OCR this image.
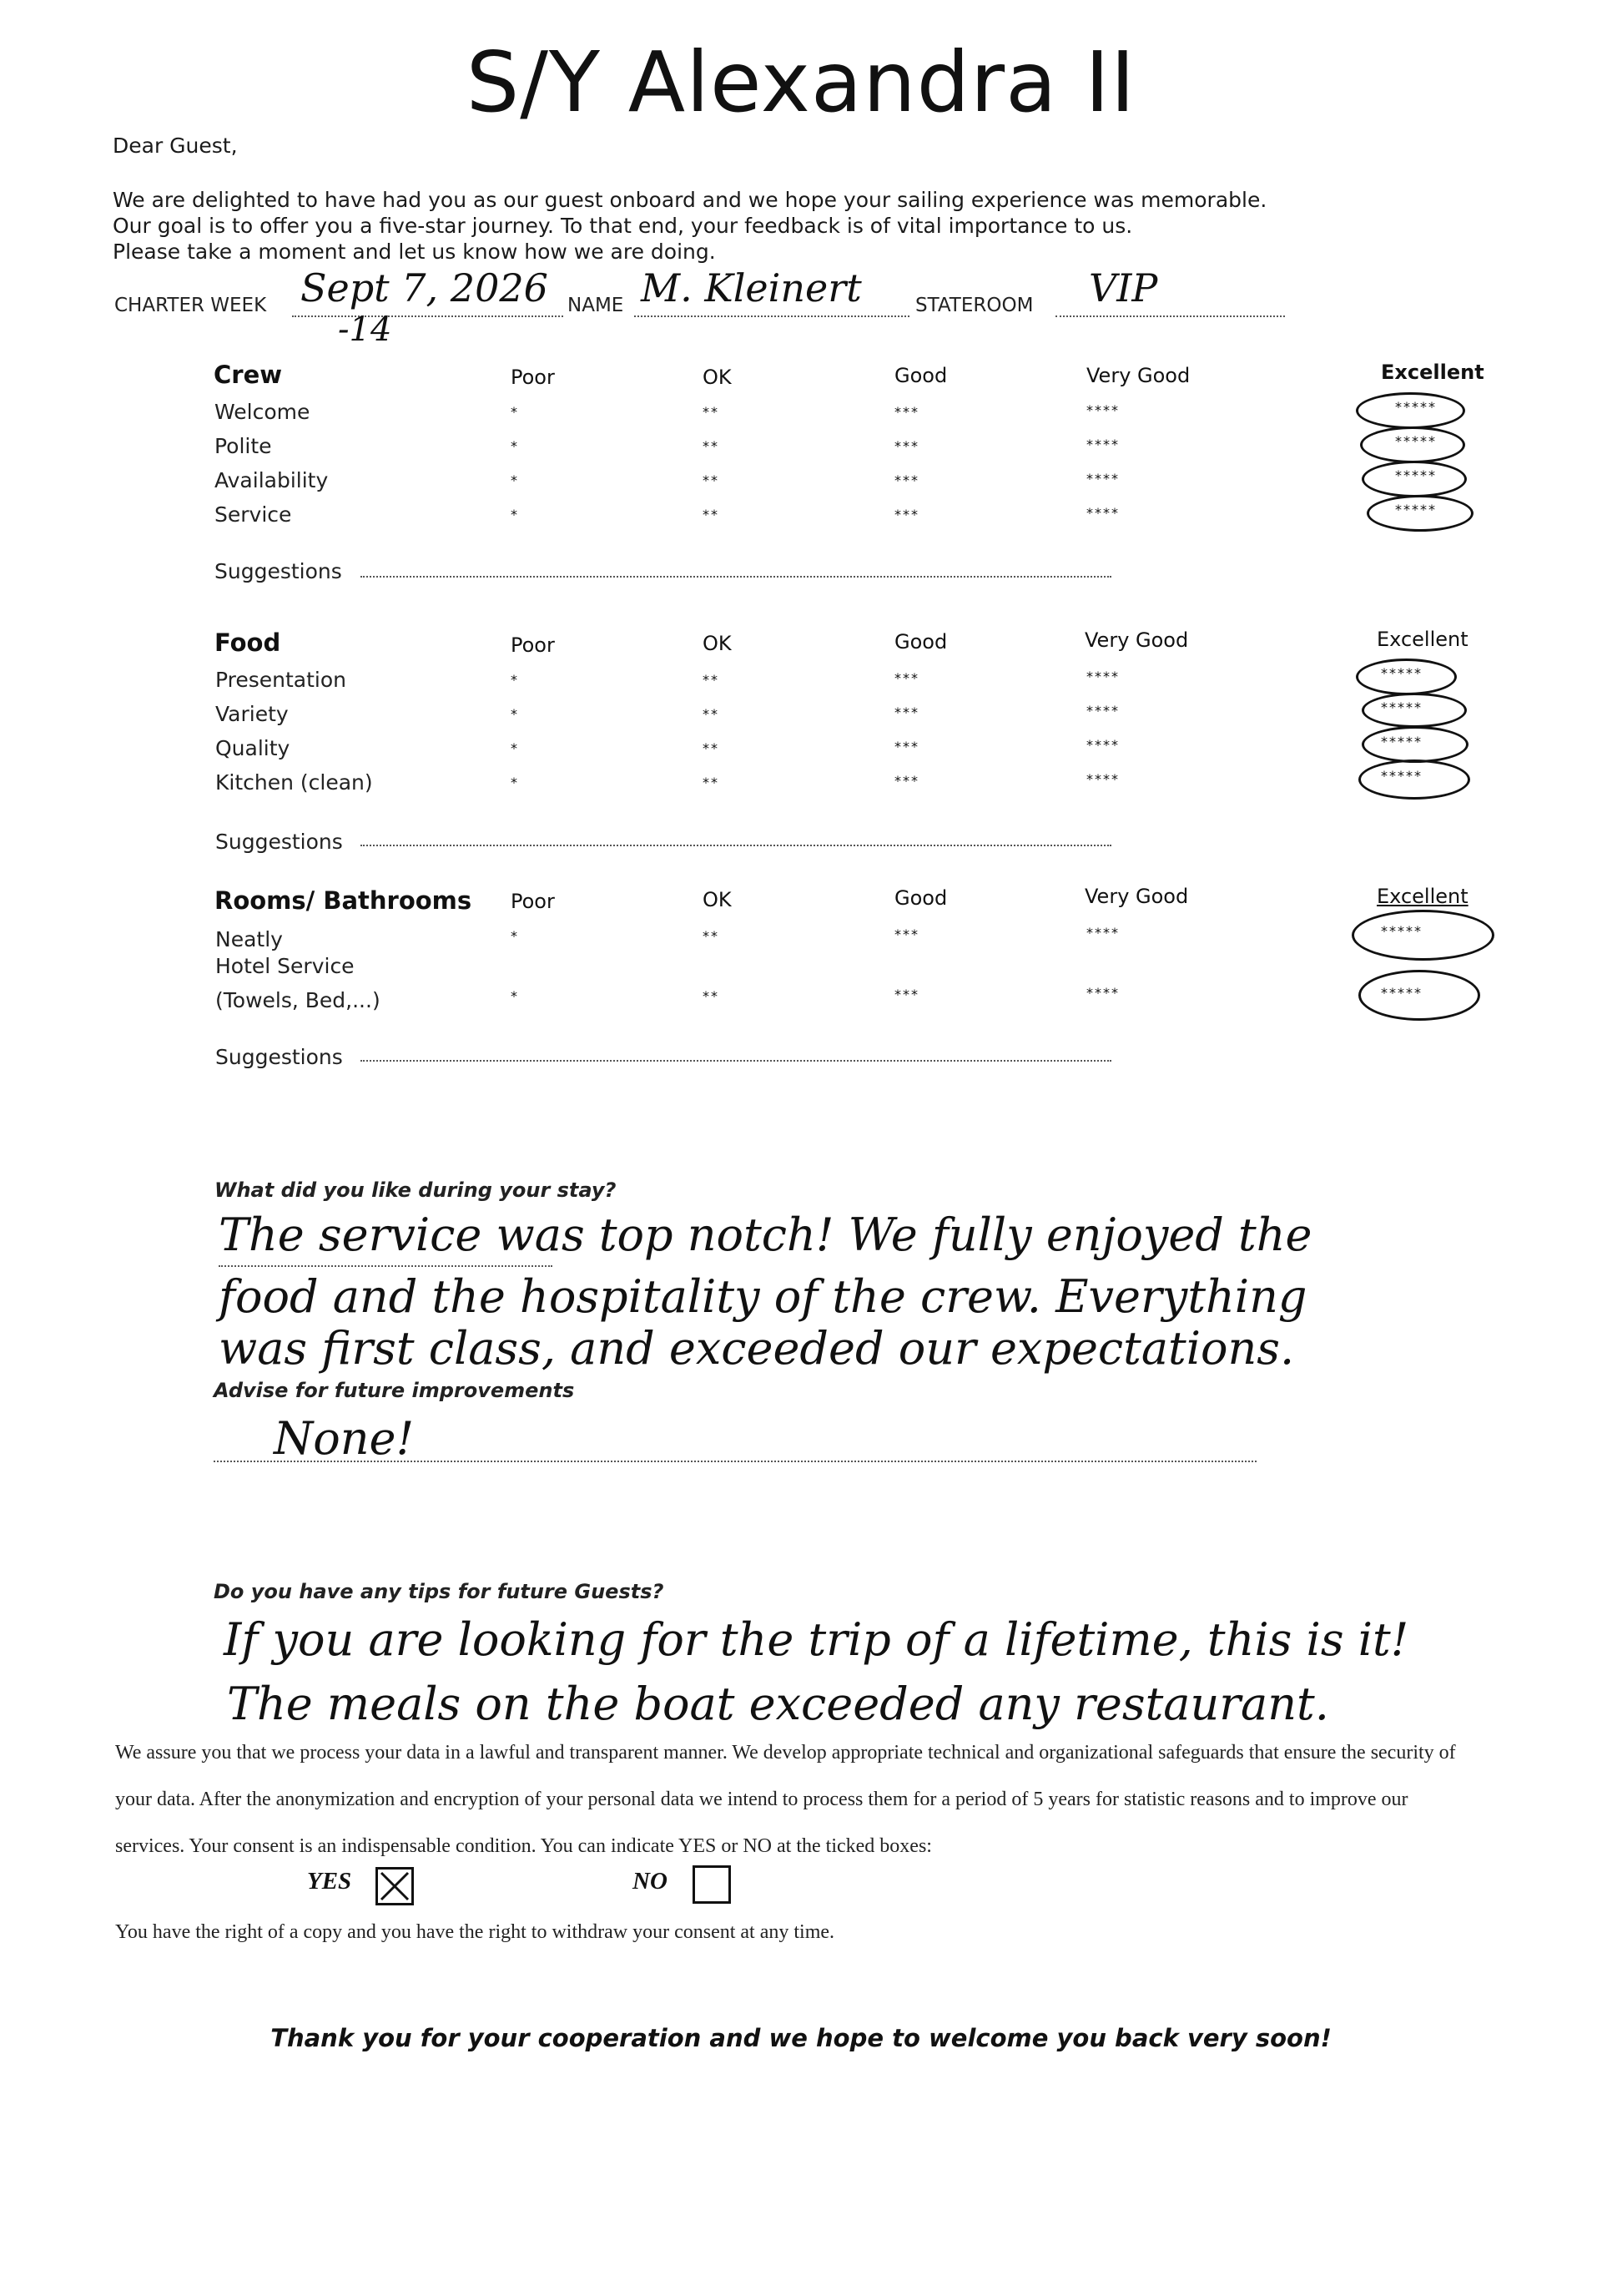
S/Y Alexandra II
Dear Guest,
We are delighted to have had you as our guest onboard and we hope your sailing experience was memorable.
Our goal is to offer you a five-star journey. To that end, your feedback is of vital importance to us.
Please take a moment and let us know how we are doing.
CHARTER WEEK Sept 7, 2026
-14
NAME M. Kleinert	STATEROOM VIP
Crew	Poor	OK	Good	Very Good	Excellent
Welcome	*	**	***	****	*****
Polite	*	**	***	****	*****
Availability	*	**	***	****	*****
Service	*	**	***	****	*****
Suggestions
Food	Poor	OK	Good	Very Good	Excellent
Presentation	*	**	***	****	*****
Variety	*	**	***	****	*****
Quality	*	**	***	****	*****
Kitchen (clean)	*	**	***	****	*****
Suggestions
Rooms/ Bathrooms Poor	OK	Good	Very Good	Excellent
Neatly	*	**	***	****	*****
Hotel Service
(Towels, Bed,...)	*	**	***	****	*****
Suggestions
What did you like during your stay?
The service was top notch! We fully enjoyed the
food and the hospitality of the crew. Everything
was first class, and exceeded our expectations.
Advise for future improvements
None!
Do you have any tips for future Guests?
If you are looking for the trip of a lifetime, this is it!
The meals on the boat exceeded any restaurant.
We assure you that we process your data in a lawful and transparent manner. We develop appropriate technical and organizational safeguards that ensure the security of your data. After the anonymization and encryption of your personal data we intend to process them for a period of 5 years for statistic reasons and to improve our services. Your consent is an indispensable condition. You can indicate YES or NO at the ticked boxes:
YES	NO
You have the right of a copy and you have the right to withdraw your consent at any time.
Thank you for your cooperation and we hope to welcome you back very soon!
